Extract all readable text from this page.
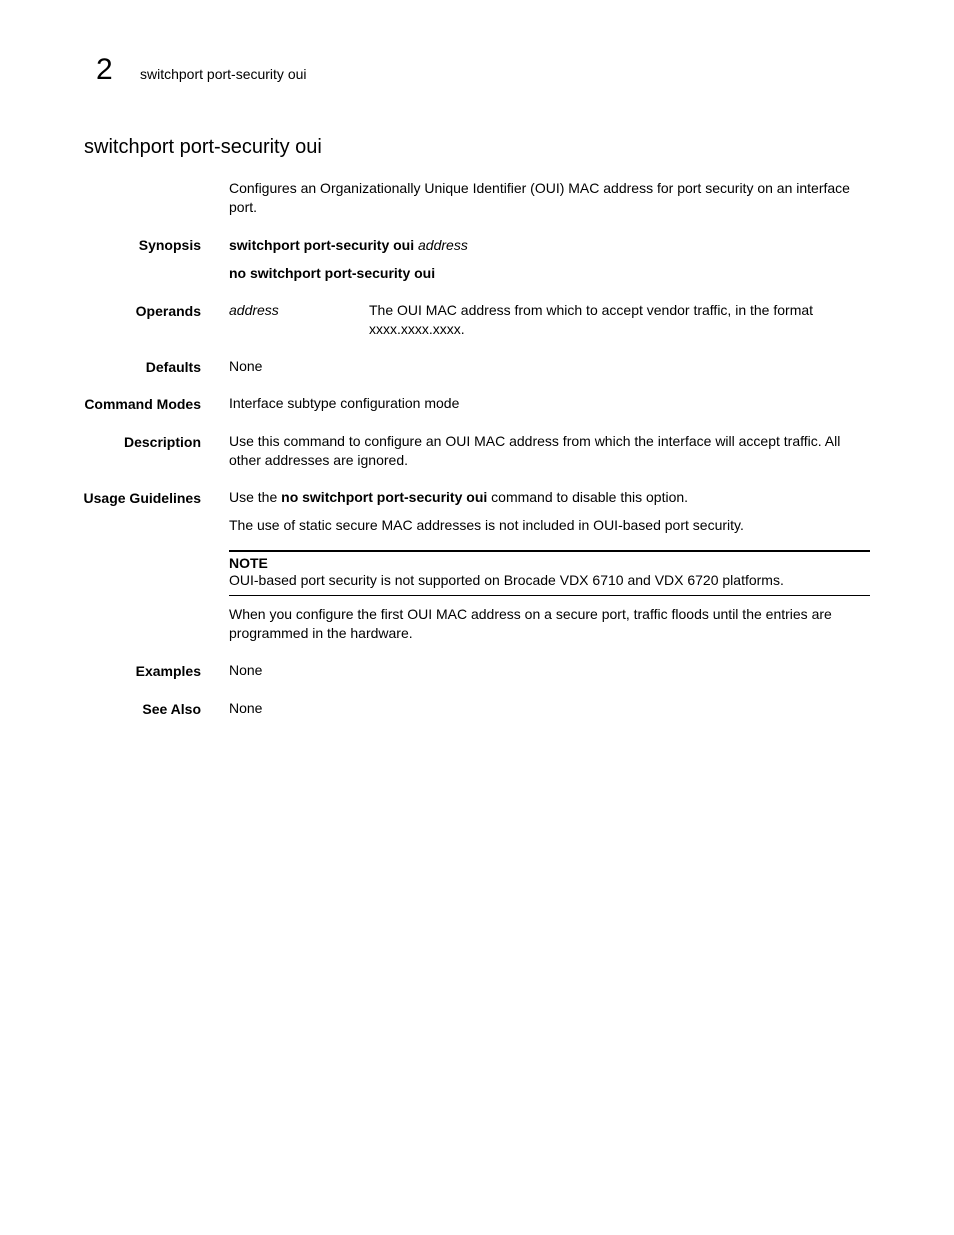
2 switchport port-security oui
switchport port-security oui
Configures an Organizationally Unique Identifier (OUI) MAC address for port security on an interface port.
Synopsis switchport port-security oui address
no switchport port-security oui
Operands address	The OUI MAC address from which to accept vendor traffic, in the format xxxx.xxxx.xxxx.
Defaults None
Command Modes Interface subtype configuration mode
Description Use this command to configure an OUI MAC address from which the interface will accept traffic. All other addresses are ignored.
Usage Guidelines Use the no switchport port-security oui command to disable this option.
The use of static secure MAC addresses is not included in OUI-based port security.
NOTE
OUI-based port security is not supported on Brocade VDX 6710 and VDX 6720 platforms.
When you configure the first OUI MAC address on a secure port, traffic floods until the entries are programmed in the hardware.
Examples None
See Also None
